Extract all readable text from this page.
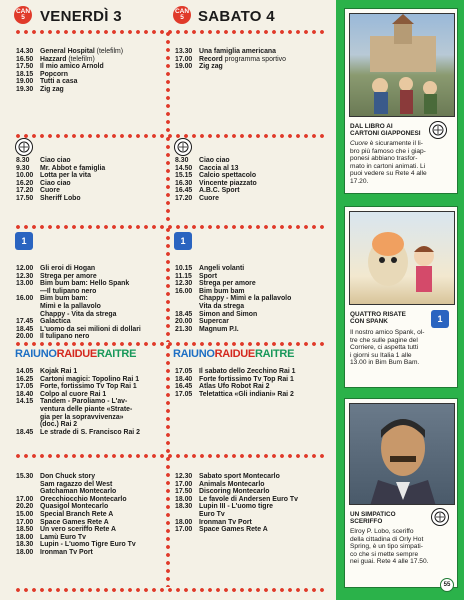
CAN 5	VENERDÌ 3	CAN 5 SABATO 4
14.30 General Hospital (telefilm)
16.50 Hazzard (telefilm)
17.50 Il mio amico Arnold
18.15 Popcorn
19.00 Tutti a casa
19.30 Zig zag
13.30 Una famiglia americana
17.00 Record programma sportivo
19.00 Zig zag
8.30	Ciao ciao
9.30	Mr. Abbot e famiglia
10.00 Lotta per la vita
16.20 Ciao ciao
17.20 Cuore
17.50 Sheriff Lobo
8.30	Ciao ciao
14.50 Caccia al 13
15.15 Calcio spettacolo
16.30 Vincente piazzato
16.45 A.B.C. Sport
17.20 Cuore
1	1
12.00 Gli eroi di Hogan
12.30 Strega per amore
13.00 Bim bum bam: Hello Spank
—Il tulipano nero
16.00 Bim bum bam:
Mimì e la pallavolo
Chappy - Vita da strega
17.45 Galactica
18.45 L'uomo da sei milioni di dollari
20.00 Il tulipano nero
10.15 Angeli volanti
11.15	Sport
12.30 Strega per amore
16.00 Bim bum bam
Chappy - Mimì e la pallavolo
Vita da strega
18.45 Simon and Simon
20.00 Supercar
21.30 Magnum P.I.
RAIUNORAIDUERAITRE	RAIUNORAIDUERAITRE
14.05 Kojak Rai 1
16.25 Cartoni magici: Topolino Rai 1
17.05 Forte, fortissimo Tv Top Rai 1
18.40 Colpo al cuore Rai 1
14.15 Tandem - Paroliamo - L'av-
ventura delle piante «Strate-
gia per la sopravvivenza»
(doc.) Rai 2
18.45 Le strade di S. Francisco Rai 2
17.05 Il sabato dello Zecchino Rai 1
18.40 Forte fortissimo Tv Top Rai 1
16.45 Atlas Ufo Robot Rai 2
17.05 Teletattica «Gli indiani» Rai 2
15.30 Don Chuck story
Sam ragazzo del West
Gatchaman Montecarlo
17.00 Orecchiocchio Montecarlo
20.20 Quasigol Montecarlo
15.00 Special Branch Rete A
17.00 Space Games Rete A
18.50 Un vero sceriffo Rete A
18.00 Lamù Euro Tv
18.30 Lupin - L'uomo Tigre Euro Tv
18.00 Ironman Tv Port
12.30 Sabato sport Montecarlo
17.00 Animals Montecarlo
17.50 Discoring Montecarlo
18.00 Le favole di Andersen Euro Tv
18.30 Lupin III - L'uomo tigre
Euro Tv
18.00 Ironman Tv Port
17.00 Space Games Rete A
DAL LIBRO AI
CARTONI GIAPPONESI
Cuore è sicuramente il li-
bro più famoso che i giap-
ponesi abbiano trasfor-
mato in cartoni animati. Li
puoi vedere su Rete 4 alle
17.20.
QUATTRO RISATE
CON SPANK	1
Il nostro amico Spank, ol-
tre che sulle pagine del
Corriere, ci aspetta tutti
i giorni su Italia 1 alle
13.00 in Bim Bum Bam.
UN SIMPATICO
SCERIFFO
Elroy P. Lobo, sceriffo
della cittadina di Orly Hot
Spring, è un tipo simpati-
co che si mette sempre
nei guai. Rete 4 alle 17.50.
55
